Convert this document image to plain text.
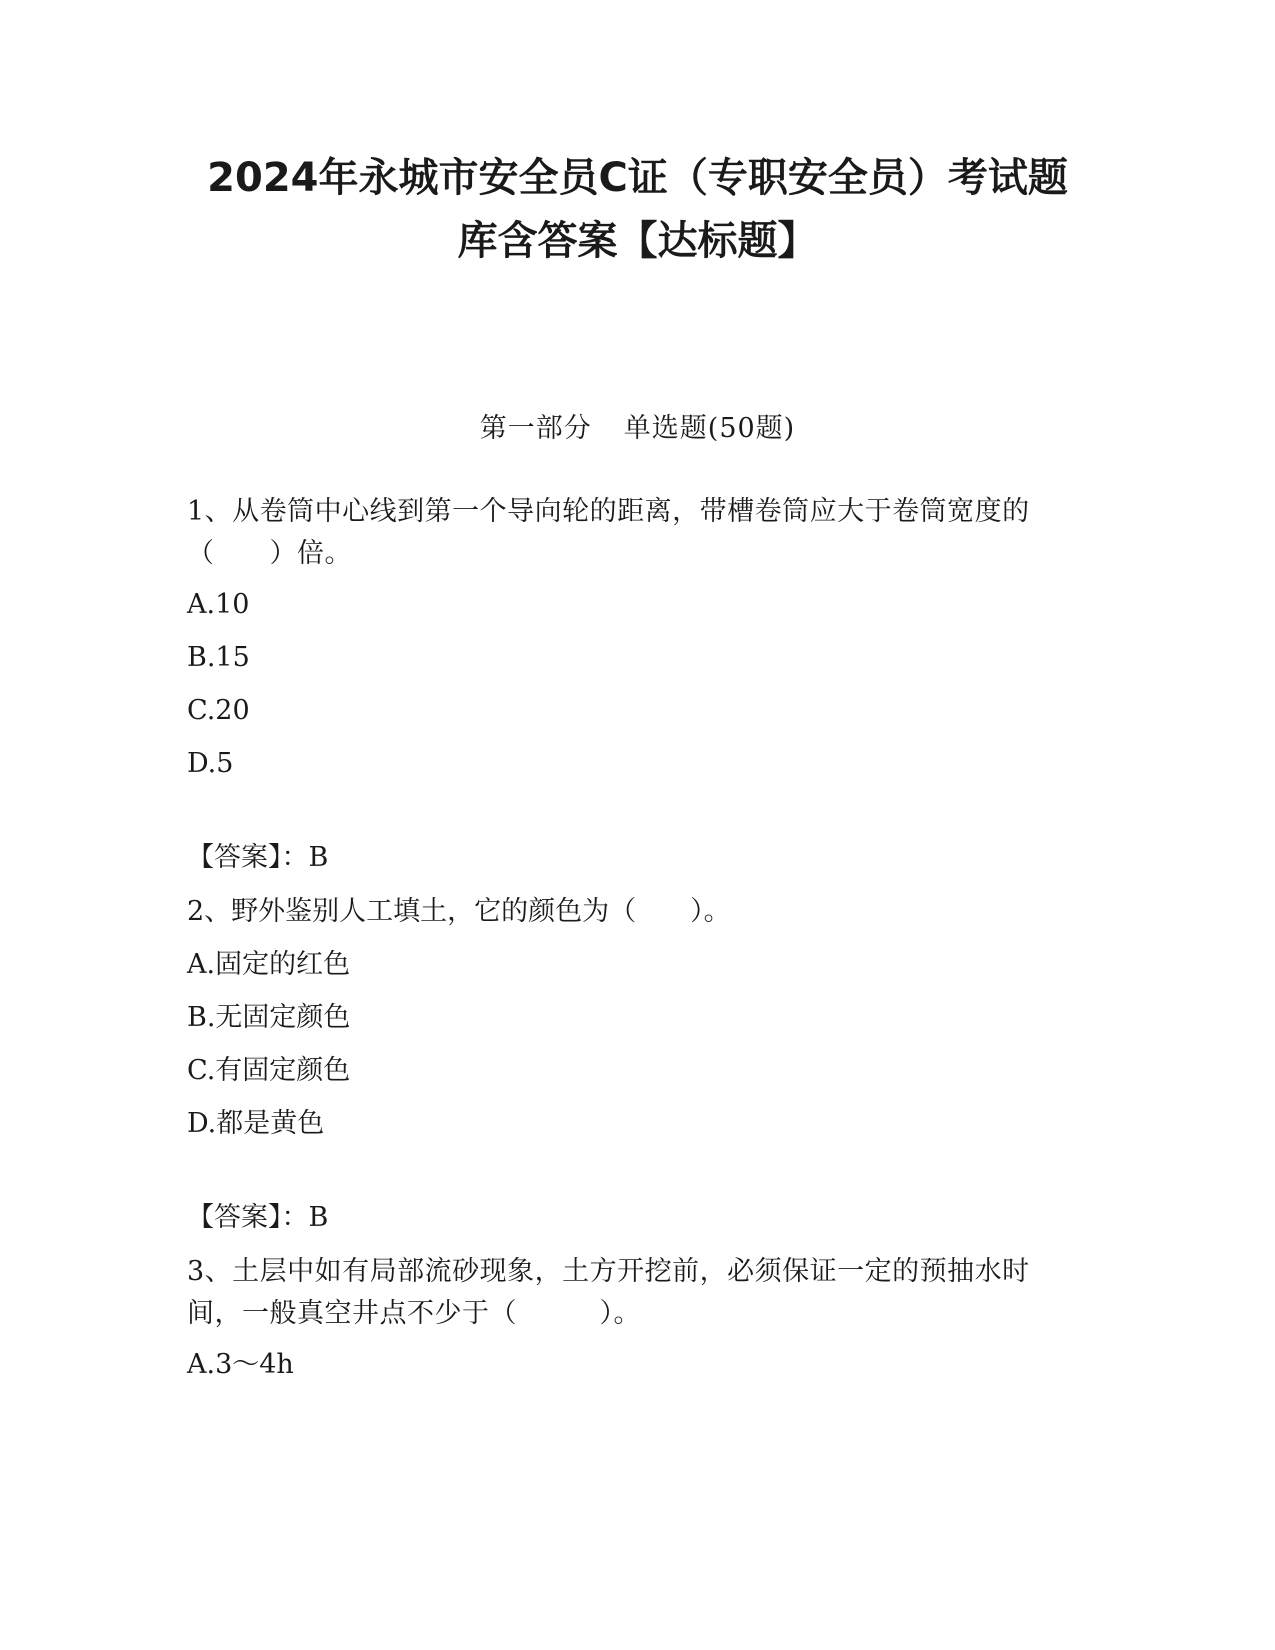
2024年永城市安全员C证（专职安全员）考试题
库含答案【达标题】

第一部分 单选题(50题)

1、从卷筒中心线到第一个导向轮的距离，带槽卷筒应大于卷筒宽度的
（　　）倍。

A.10

B.15

C.20

D.5

【答案】：B

2、野外鉴别人工填土，它的颜色为（　　）。

A.固定的红色

B.无固定颜色

C.有固定颜色

D.都是黄色

【答案】：B

3、土层中如有局部流砂现象，土方开挖前，必须保证一定的预抽水时
间，一般真空井点不少于（　　　）。

A.3～4h
